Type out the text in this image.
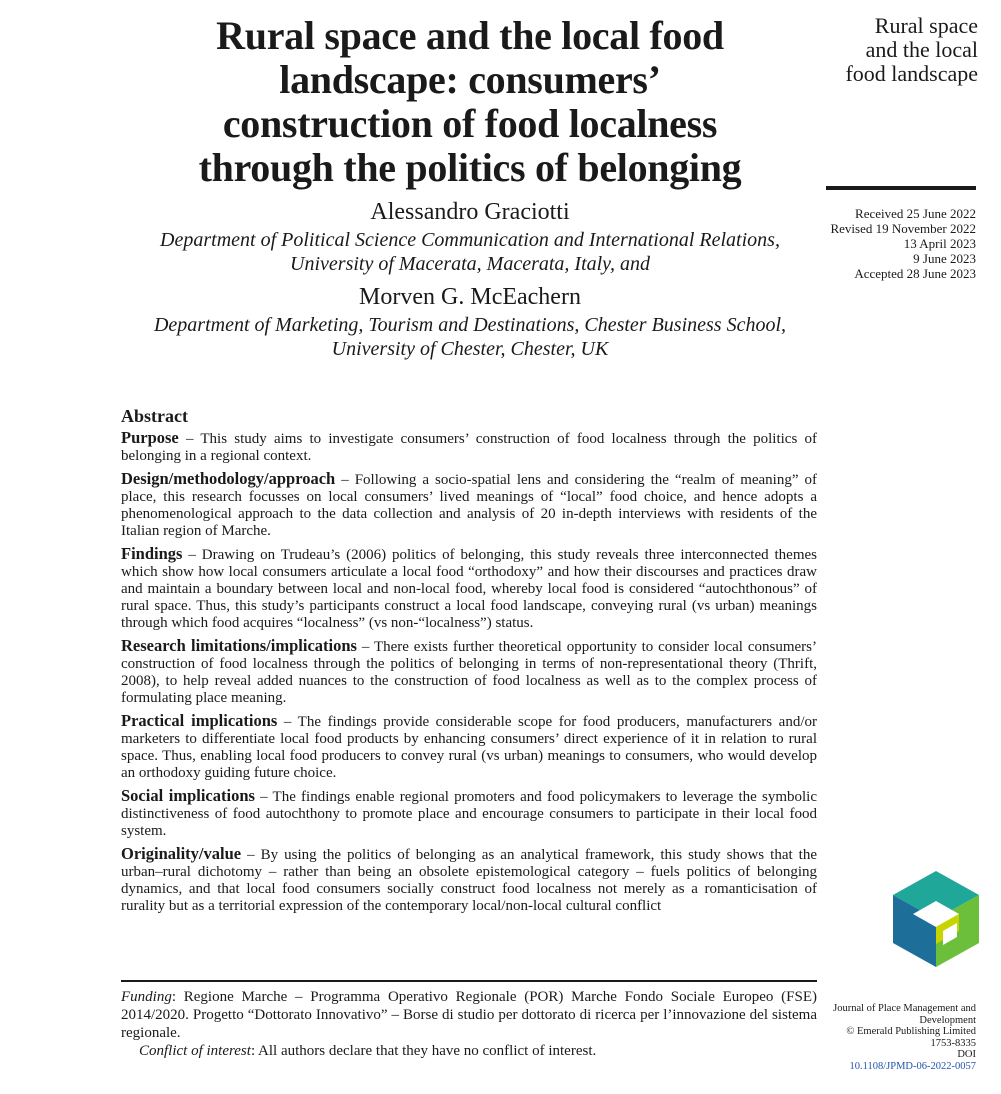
Rural space and the local food
landscape: consumers’
construction of food localness
through the politics of belonging
Alessandro Graciotti
Department of Political Science Communication and International Relations,
University of Macerata, Macerata, Italy, and
Morven G. McEachern
Department of Marketing, Tourism and Destinations, Chester Business School,
University of Chester, Chester, UK
Rural space
and the local
food landscape
Received 25 June 2022
Revised 19 November 2022
13 April 2023
9 June 2023
Accepted 28 June 2023
Abstract

Purpose – This study aims to investigate consumers’ construction of food localness through the politics of belonging in a regional context.

Design/methodology/approach – Following a socio-spatial lens and considering the “realm of meaning” of place, this research focusses on local consumers’ lived meanings of “local” food choice, and hence adopts a phenomenological approach to the data collection and analysis of 20 in-depth interviews with residents of the Italian region of Marche.

Findings – Drawing on Trudeau’s (2006) politics of belonging, this study reveals three interconnected themes which show how local consumers articulate a local food “orthodoxy” and how their discourses and practices draw and maintain a boundary between local and non-local food, whereby local food is considered “autochthonous” of rural space. Thus, this study’s participants construct a local food landscape, conveying rural (vs urban) meanings through which food acquires “localness” (vs non-“localness”) status.

Research limitations/implications – There exists further theoretical opportunity to consider local consumers’ construction of food localness through the politics of belonging in terms of non-representational theory (Thrift, 2008), to help reveal added nuances to the construction of food localness as well as to the complex process of formulating place meaning.

Practical implications – The findings provide considerable scope for food producers, manufacturers and/or marketers to differentiate local food products by enhancing consumers’ direct experience of it in relation to rural space. Thus, enabling local food producers to convey rural (vs urban) meanings to consumers, who would develop an orthodoxy guiding future choice.

Social implications – The findings enable regional promoters and food policymakers to leverage the symbolic distinctiveness of food autochthony to promote place and encourage consumers to participate in their local food system.

Originality/value – By using the politics of belonging as an analytical framework, this study shows that the urban–rural dichotomy – rather than being an obsolete epistemological category – fuels politics of belonging dynamics, and that local food consumers socially construct food localness not merely as a romanticisation of rurality but as a territorial expression of the contemporary local/non-local cultural conflict

Funding: Regione Marche – Programma Operativo Regionale (POR) Marche Fondo Sociale Europeo (FSE) 2014/2020. Progetto “Dottorato Innovativo” – Borse di studio per dottorato di ricerca per l’innovazione del sistema regionale.

Conflict of interest: All authors declare that they have no conflict of interest.

Journal of Place Management and
Development
© Emerald Publishing Limited
1753-8335
DOI
10.1108/JPMD-06-2022-0057
